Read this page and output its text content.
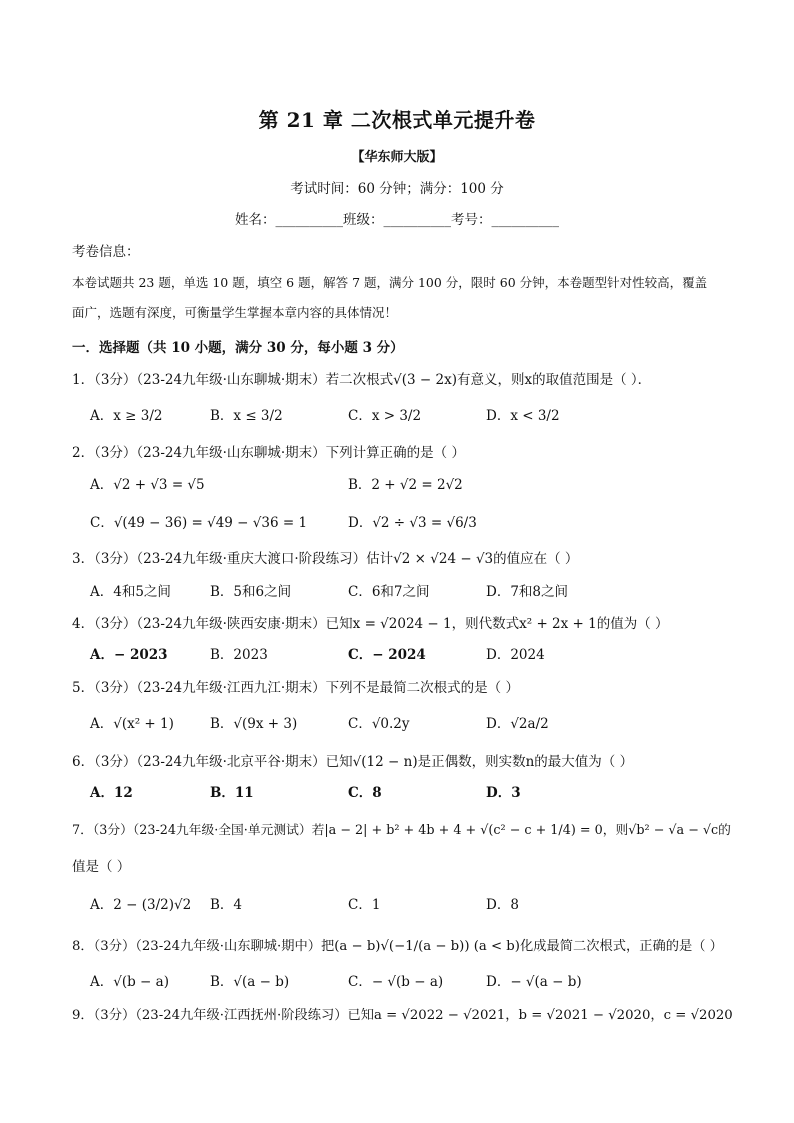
第 21 章 二次根式单元提升卷
【华东师大版】
考试时间：60 分钟；满分：100 分
姓名：__________班级：__________考号：__________
考卷信息：
本卷试题共 23 题，单选 10 题，填空 6 题，解答 7 题，满分 100 分，限时 60 分钟，本卷题型针对性较高，覆盖
面广，选题有深度，可衡量学生掌握本章内容的具体情况！
一．选择题（共 10 小题，满分 30 分，每小题 3 分）
1．（3分）（23-24九年级·山东聊城·期末）若二次根式√(3 − 2x)有意义，则x的取值范围是（ ）．
A．x ≥ 3/2	B．x ≤ 3/2	C．x > 3/2	D．x < 3/2
2．（3分）（23-24九年级·山东聊城·期末）下列计算正确的是（ ）
A．√2 + √3 = √5	B．2 + √2 = 2√2
C．√(49 − 36) = √49 − √36 = 1	D．√2 ÷ √3 = √6/3
3．（3分）（23-24九年级·重庆大渡口·阶段练习）估计√2 × √24 − √3的值应在（ ）
A．4和5之间	B．5和6之间	C．6和7之间	D．7和8之间
4．（3分）（23-24九年级·陕西安康·期末）已知x = √2024 − 1，则代数式x² + 2x + 1的值为（ ）
A．− 2023	B．2023	C．− 2024	D．2024
5．（3分）（23-24九年级·江西九江·期末）下列不是最简二次根式的是（ ）
A．√(x² + 1)	B．√(9x + 3)	C．√0.2y	D．√2a/2
6．（3分）（23-24九年级·北京平谷·期末）已知√(12 − n)是正偶数，则实数n的最大值为（ ）
A．12	B．11	C．8	D．3
7．（3分）（23-24九年级·全国·单元测试）若|a − 2| + b² + 4b + 4 + √(c² − c + 1/4) = 0，则√b² − √a − √c的
值是（ ）
A．2 − (3/2)√2 B．4	C．1	D．8
8．（3分）（23-24九年级·山东聊城·期中）把(a − b)√(−1/(a − b)) (a < b)化成最简二次根式，正确的是（ ）
A．√(b − a)	B．√(a − b)	C．− √(b − a)	D．− √(a − b)
9．（3分）（23-24九年级·江西抚州·阶段练习）已知a = √2022 − √2021，b = √2021 − √2020，c = √2020
